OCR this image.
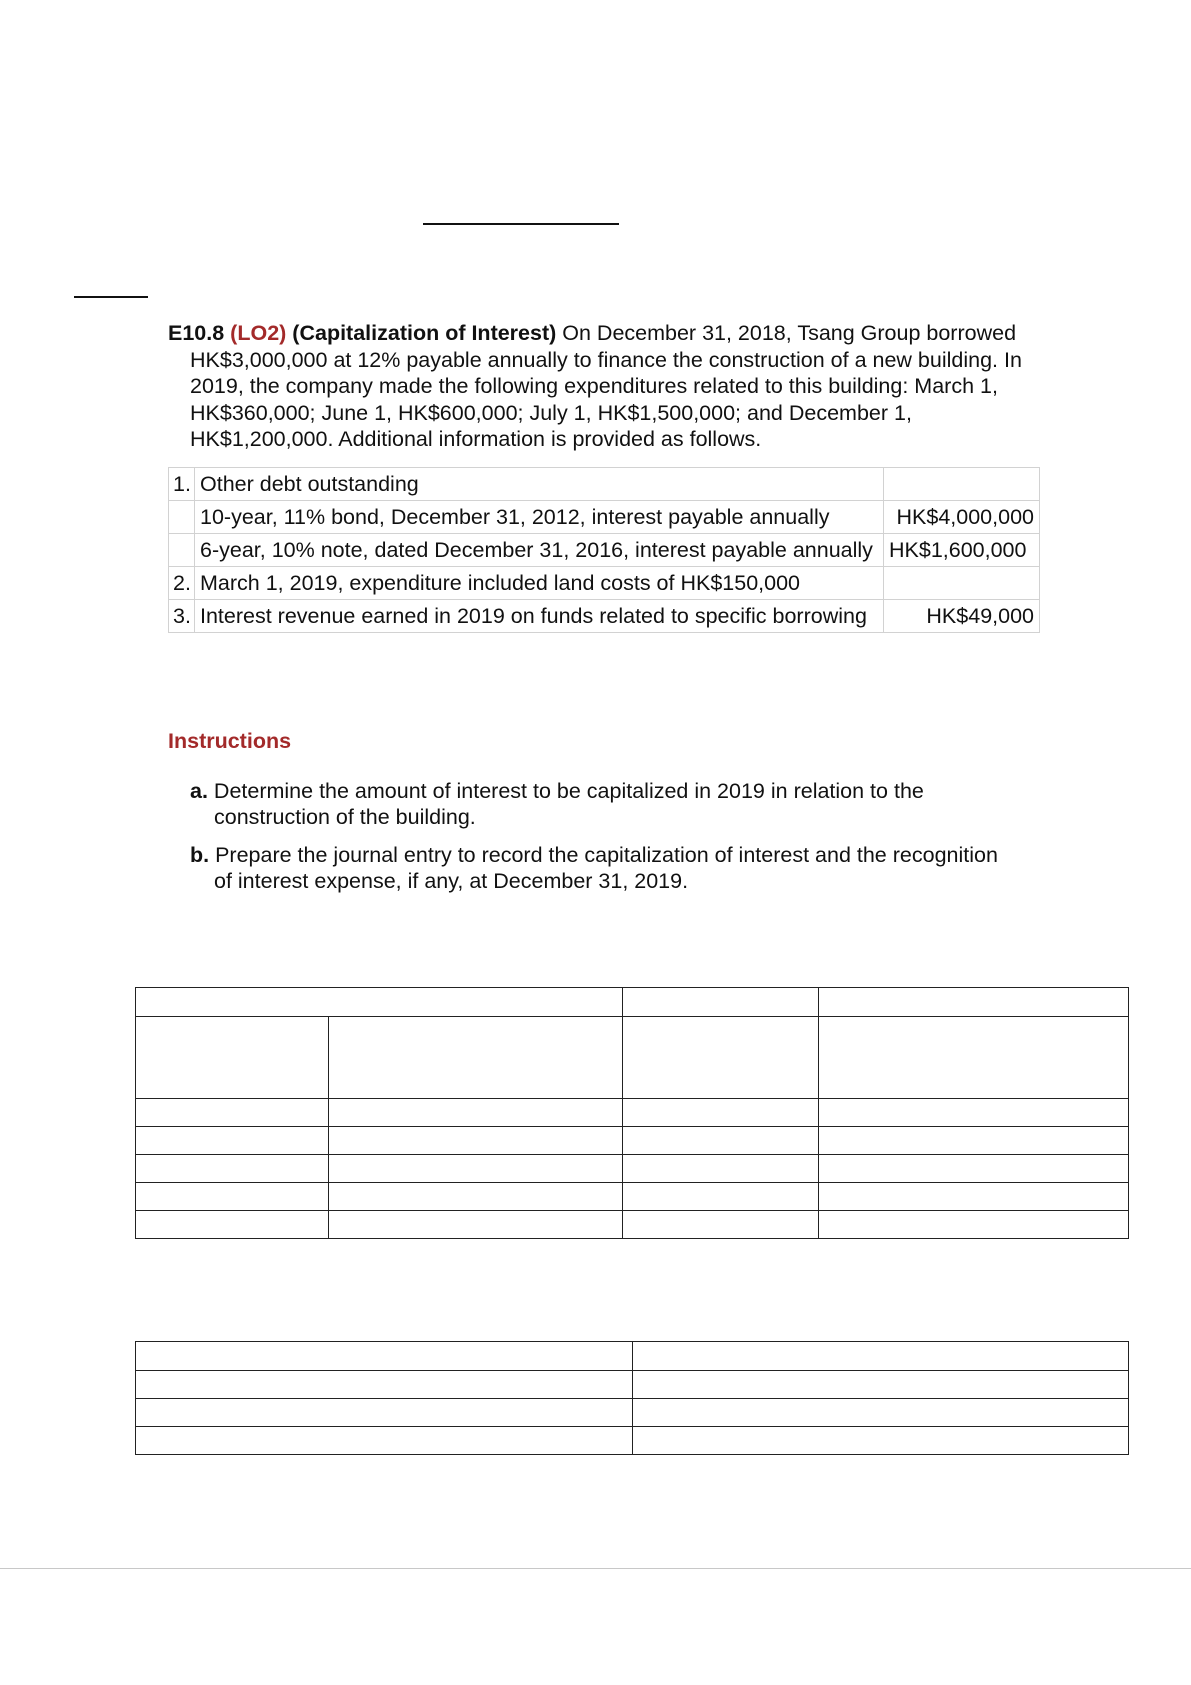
E10.8 (LO2) (Capitalization of Interest) On December 31, 2018, Tsang Group borrowed HK$3,000,000 at 12% payable annually to finance the construction of a new building. In 2019, the company made the following expenditures related to this building: March 1, HK$360,000; June 1, HK$600,000; July 1, HK$1,500,000; and December 1, HK$1,200,000. Additional information is provided as follows.

1.	Other debt outstanding	
	10-year, 11% bond, December 31, 2012, interest payable annually	HK$4,000,000
	6-year, 10% note, dated December 31, 2016, interest payable annually	HK$1,600,000
2.	March 1, 2019, expenditure included land costs of HK$150,000	
3.	Interest revenue earned in 2019 on funds related to specific borrowing	HK$49,000
Instructions
a. Determine the amount of interest to be capitalized in 2019 in relation to the construction of the building.
b. Prepare the journal entry to record the capitalization of interest and the recognition of interest expense, if any, at December 31, 2019.
